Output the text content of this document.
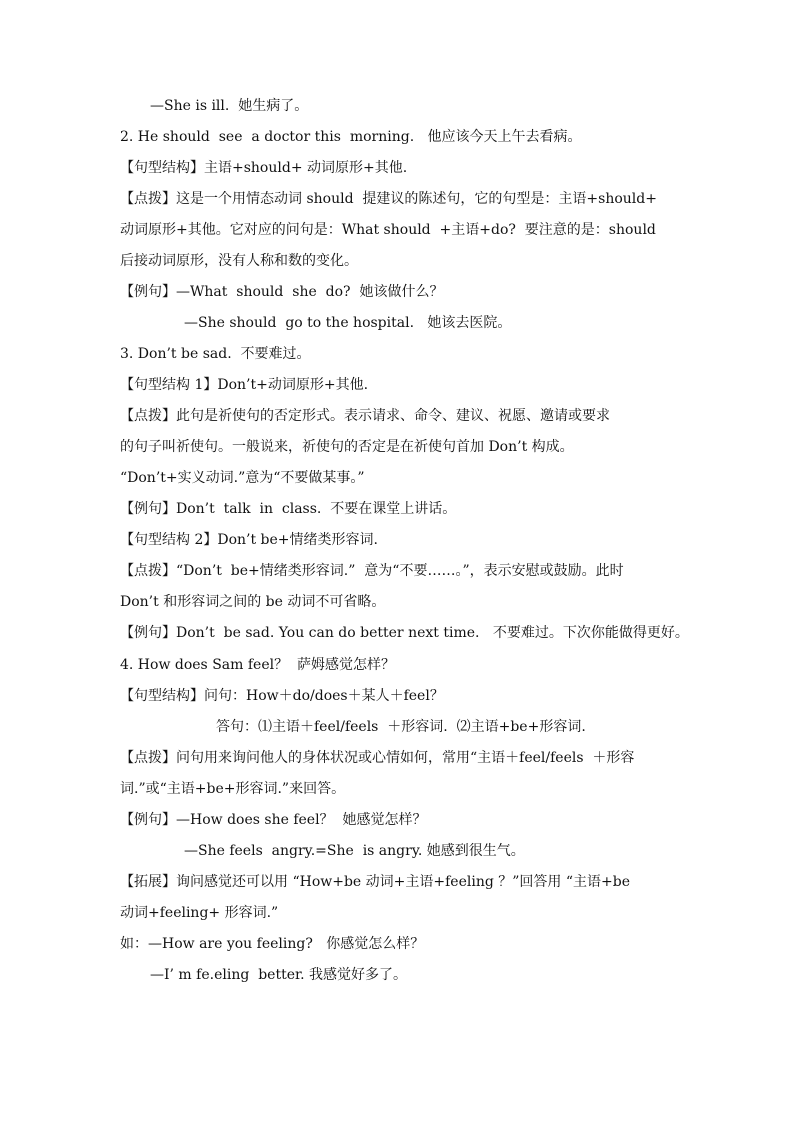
—She is ill.  她生病了。
2. He should  see  a doctor this  morning.   他应该今天上午去看病。
【句型结构】主语+should+ 动词原形+其他.
【点拨】这是一个用情态动词 should  提建议的陈述句，它的句型是：主语+should+
动词原形+其他。它对应的问句是：What should  +主语+do?  要注意的是：should
后接动词原形，没有人称和数的变化。
【例句】—What  should  she  do?  她该做什么？
—She should  go to the hospital.   她该去医院。
3. Don’t be sad.  不要难过。
【句型结构 1】Don’t+动词原形+其他.
【点拨】此句是祈使句的否定形式。表示请求、命令、建议、祝愿、邀请或要求
的句子叫祈使句。一般说来，祈使句的否定是在祈使句首加 Don’t 构成。
“Don’t+实义动词.”意为“不要做某事。”
【例句】Don’t  talk  in  class.  不要在课堂上讲话。
【句型结构 2】Don’t be+情绪类形容词.
【点拨】“Don’t  be+情绪类形容词.”  意为“不要……。”，表示安慰或鼓励。此时
Don’t 和形容词之间的 be 动词不可省略。
【例句】Don’t  be sad. You can do better next time.   不要难过。下次你能做得更好。
4. How does Sam feel？  萨姆感觉怎样？
【句型结构】问句：How＋do/does＋某人＋feel？
答句：⑴主语＋feel/feels  ＋形容词.  ⑵主语+be+形容词.
【点拨】问句用来询问他人的身体状况或心情如何，常用“主语＋feel/feels  ＋形容
词.”或“主语+be+形容词.”来回答。
【例句】—How does she feel？  她感觉怎样？
—She feels  angry.=She  is angry. 她感到很生气。
【拓展】询问感觉还可以用 “How+be 动词+主语+feeling ？”回答用 “主语+be
动词+feeling+ 形容词.”
如：—How are you feeling?   你感觉怎么样？
—I’ m fe.eling  better. 我感觉好多了。
